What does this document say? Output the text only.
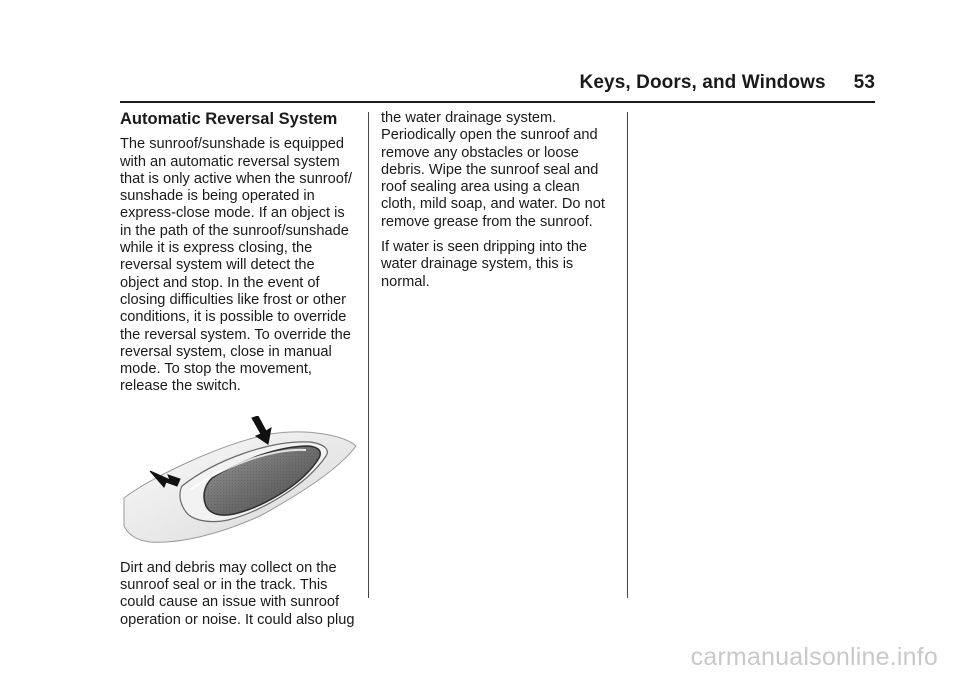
Keys, Doors, and Windows 53
Automatic Reversal System

The sunroof/sunshade is equipped
with an automatic reversal system
that is only active when the sunroof/
sunshade is being operated in
express-close mode. If an object is
in the path of the sunroof/sunshade
while it is express closing, the
reversal system will detect the
object and stop. In the event of
closing difficulties like frost or other
conditions, it is possible to override
the reversal system. To override the
reversal system, close in manual
mode. To stop the movement,
release the switch.

Dirt and debris may collect on the
sunroof seal or in the track. This
could cause an issue with sunroof
operation or noise. It could also plug

the water drainage system.
Periodically open the sunroof and
remove any obstacles or loose
debris. Wipe the sunroof seal and
roof sealing area using a clean
cloth, mild soap, and water. Do not
remove grease from the sunroof.

If water is seen dripping into the
water drainage system, this is
normal.

carmanualsonline.info
